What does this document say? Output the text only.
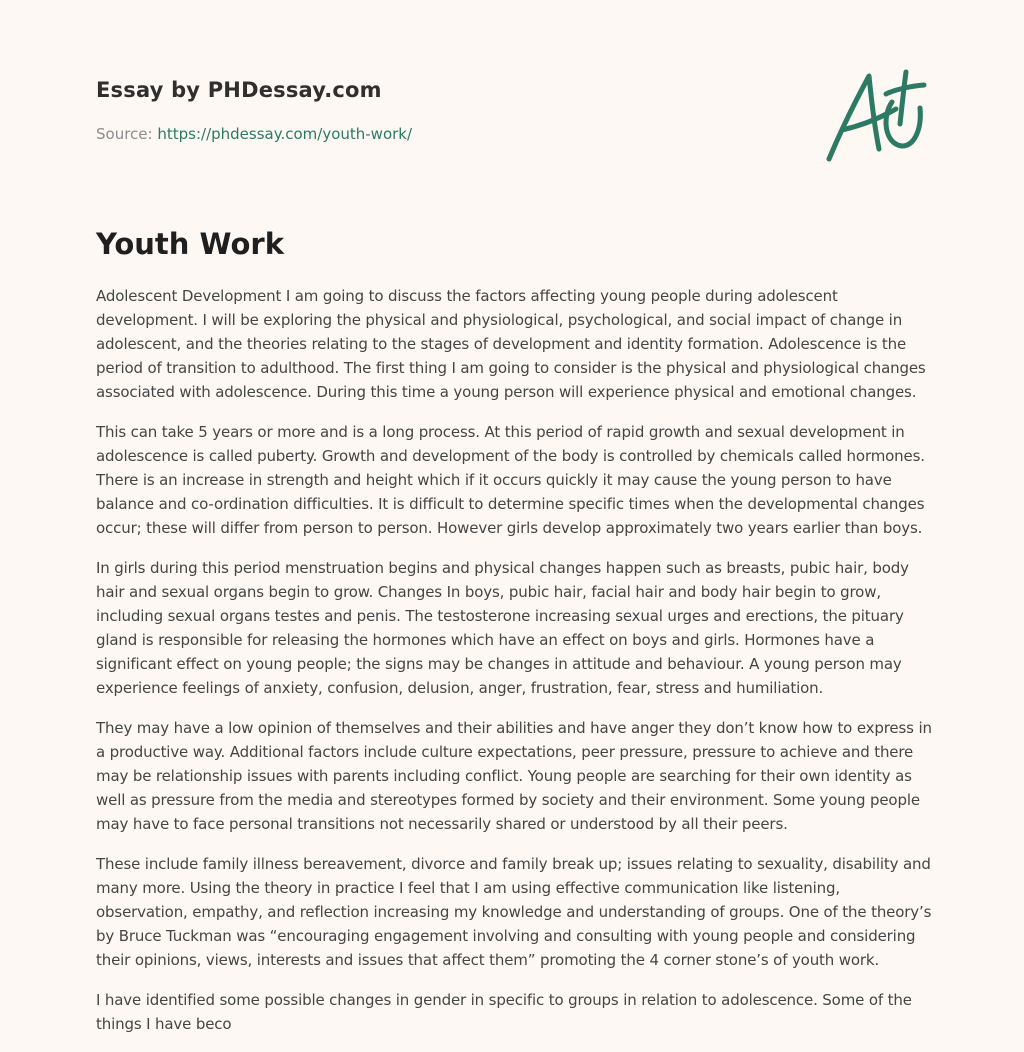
Essay by PHDessay.com
Source: https://phdessay.com/youth-work/
Youth Work

Adolescent Development I am going to discuss the factors affecting young people during adolescent development. I will be exploring the physical and physiological, psychological, and social impact of change in adolescent, and the theories relating to the stages of development and identity formation. Adolescence is the period of transition to adulthood. The first thing I am going to consider is the physical and physiological changes associated with adolescence. During this time a young person will experience physical and emotional changes.

This can take 5 years or more and is a long process. At this period of rapid growth and sexual development in adolescence is called puberty. Growth and development of the body is controlled by chemicals called hormones. There is an increase in strength and height which if it occurs quickly it may cause the young person to have balance and co-ordination difficulties. It is difficult to determine specific times when the developmental changes occur; these will differ from person to person. However girls develop approximately two years earlier than boys.

In girls during this period menstruation begins and physical changes happen such as breasts, pubic hair, body hair and sexual organs begin to grow. Changes In boys, pubic hair, facial hair and body hair begin to grow, including sexual organs testes and penis. The testosterone increasing sexual urges and erections, the pituary gland is responsible for releasing the hormones which have an effect on boys and girls. Hormones have a significant effect on young people; the signs may be changes in attitude and behaviour. A young person may experience feelings of anxiety, confusion, delusion, anger, frustration, fear, stress and humiliation.

They may have a low opinion of themselves and their abilities and have anger they don’t know how to express in a productive way. Additional factors include culture expectations, peer pressure, pressure to achieve and there may be relationship issues with parents including conflict. Young people are searching for their own identity as well as pressure from the media and stereotypes formed by society and their environment. Some young people may have to face personal transitions not necessarily shared or understood by all their peers.

These include family illness bereavement, divorce and family break up; issues relating to sexuality, disability and many more. Using the theory in practice I feel that I am using effective communication like listening, observation, empathy, and reflection increasing my knowledge and understanding of groups. One of the theory’s by Bruce Tuckman was “encouraging engagement involving and consulting with young people and considering their opinions, views, interests and issues that affect them” promoting the 4 corner stone’s of youth work.

I have identified some possible changes in gender in specific to groups in relation to adolescence. Some of the things I have beco
